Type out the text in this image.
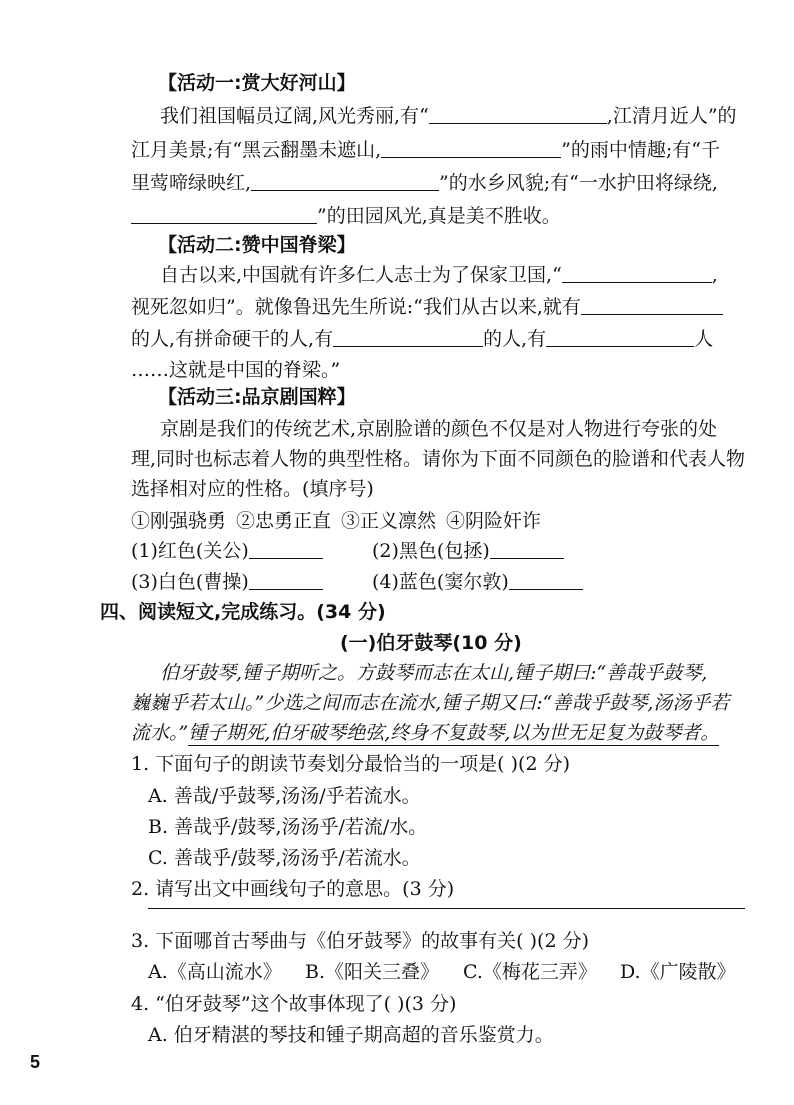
【活动一:赏大好河山】
我们祖国幅员辽阔,风光秀丽,有“	,江清月近人”的
江月美景;有“黑云翻墨未遮山,	”的雨中情趣;有“千
里莺啼绿映红,	”的水乡风貌;有“一水护田将绿绕,
”的田园风光,真是美不胜收。
【活动二:赞中国脊梁】
自古以来,中国就有许多仁人志士为了保家卫国,“	,
视死忽如归”。就像鲁迅先生所说:“我们从古以来,就有
的人,有拼命硬干的人,有	的人,有	人
……这就是中国的脊梁。”
【活动三:品京剧国粹】
京剧是我们的传统艺术,京剧脸谱的颜色不仅是对人物进行夸张的处
理,同时也标志着人物的典型性格。请你为下面不同颜色的脸谱和代表人物
选择相对应的性格。(填序号)
①刚强骁勇 ②忠勇正直 ③正义凛然 ④阴险奸诈
(1)红色(关公)	(2)黑色(包拯)
(3)白色(曹操)	(4)蓝色(窦尔敦)
四、阅读短文,完成练习。(34 分)
(一)伯牙鼓琴(10 分)
伯牙鼓琴,锺子期听之。方鼓琴而志在太山,锺子期曰:“善哉乎鼓琴,
巍巍乎若太山。”少选之间而志在流水,锺子期又曰:“善哉乎鼓琴,汤汤乎若
流水。”锺子期死,伯牙破琴绝弦,终身不复鼓琴,以为世无足复为鼓琴者。
1. 下面句子的朗读节奏划分最恰当的一项是( )(2 分)
A. 善哉/乎鼓琴,汤汤/乎若流水。
B. 善哉乎/鼓琴,汤汤乎/若流/水。
C. 善哉乎/鼓琴,汤汤乎/若流水。
2. 请写出文中画线句子的意思。(3 分)
3. 下面哪首古琴曲与《伯牙鼓琴》的故事有关( )(2 分)
A.《高山流水》 B.《阳关三叠》 C.《梅花三弄》 D.《广陵散》
4. “伯牙鼓琴”这个故事体现了( )(3 分)
A. 伯牙精湛的琴技和锺子期高超的音乐鉴赏力。
5
